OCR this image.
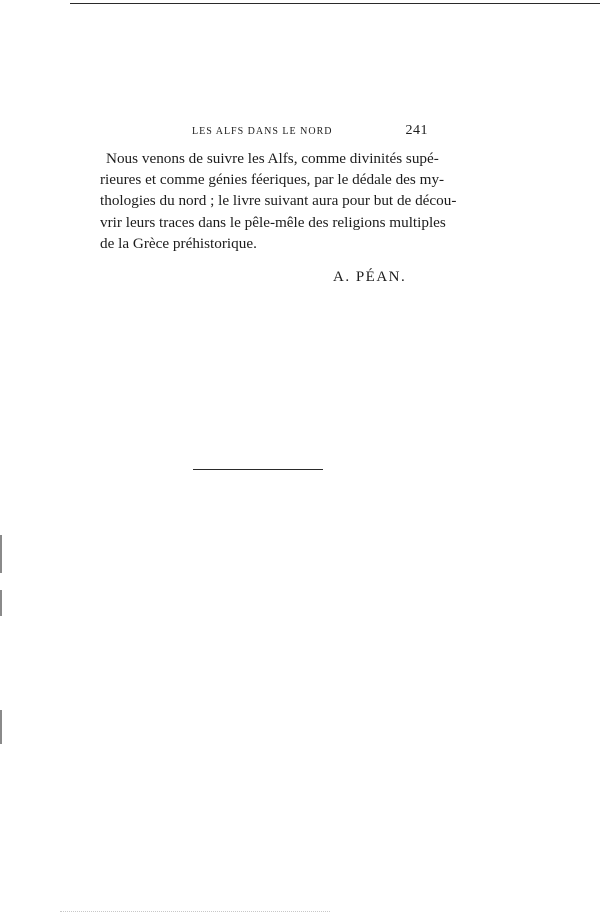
LES ALFS DANS LE NORD	241
Nous venons de suivre les Alfs, comme divinités supé-
rieures et comme génies féeriques, par le dédale des my-
thologies du nord ; le livre suivant aura pour but de décou-
vrir leurs traces dans le pêle-mêle des religions multiples
de la Grèce préhistorique.
A. PÉAN.
